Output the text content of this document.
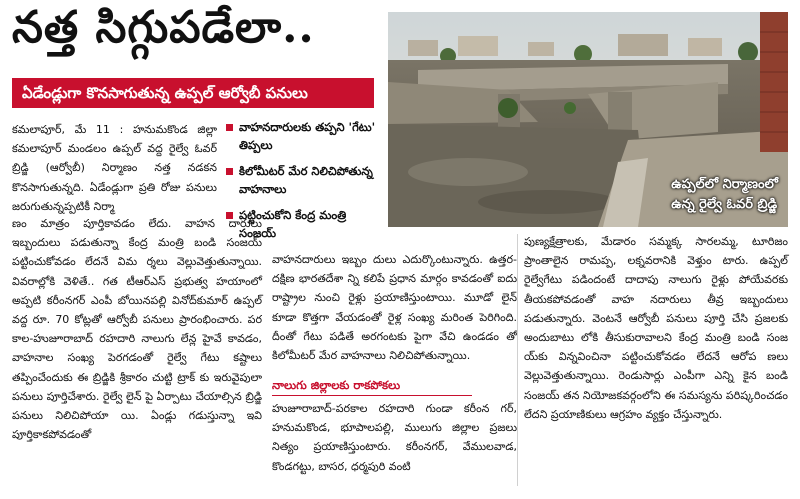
నత్త సిగ్గుపడేలా..
ఏడేండ్లుగా కొనసాగుతున్న ఉప్పల్ ఆర్వోబీ పనులు
ఉప్పల్‌లో నిర్మాణంలో
ఉన్న రైల్వే ఓవర్ బ్రిడ్జి
వాహనదారులకు తప్పని 'గేటు' తిప్పలు
కిలోమీటర్ మేర నిలిచిపోతున్న వాహనాలు
పట్టించుకోని కేంద్ర మంత్రి సంజయ్

కమలాపూర్, మే 11 : హనుమకొండ జిల్లా కమలాపూర్ మండలం ఉప్పల్ వద్ద రైల్వే ఓవర్ బ్రిడ్జి (ఆర్వోబీ) నిర్మాణం నత్త నడకన కొనసాగుతున్నది. ఏడేండ్లుగా ప్రతి రోజు పనులు జరుగుతున్నప్పటికీ నిర్మా

ణం మాత్రం పూర్తికావడం లేదు. వాహన దారులు ఇబ్బందులు పడుతున్నా కేంద్ర మంత్రి బండి సంజయ్ పట్టించుకోవడం లేదనే విమ ర్శలు వెల్లువెత్తుతున్నాయి. వివరాల్లోకి వెళితే.. గత టీఆర్ఎస్ ప్రభుత్వ హయాంలో అప్పటి కరీంనగర్ ఎంపీ బోయినపల్లి వినోద్‌కుమార్ ఉప్పల్ వద్ద రూ. 70 కోట్లతో ఆర్వోబీ పనులు ప్రారంభించారు. పర కాల-హుజూరాబాద్ రహదారి నాలుగు లేన్ల హైవే కావడం, వాహనాల సంఖ్య పెరగడంతో రైల్వే గేటు కష్టాలు తప్పించేందుకు ఈ బ్రిడ్జికి శ్రీకారం చుట్టి ట్రాక్ కు ఇరువైపులా పనులు పూర్తిచేశారు. రైల్వే లైన్ పై ఏర్పాటు చేయాల్సిన బ్రిడ్జి పనులు నిలిచిపోయా యి. ఏండ్లు గడుస్తున్నా ఇవి పూర్తికాకపోవడంతో

వాహనదారులు ఇబ్బం దులు ఎదుర్కొంటున్నారు. ఉత్తర-దక్షిణ భారతదేశా న్ని కలిపే ప్రధాన మార్గం కావడంతో ఐదు రాష్ట్రాల నుంచి రైళ్లు ప్రయాణిస్తుంటాయి. మూడో లైన్ కూడా కొత్తగా వేయడంతో రైళ్ల సంఖ్య మరింత పెరిగింది. దీంతో గేటు పడితే అరగంటకు పైగా వేచి ఉండడం తో కిలోమీటర్ మేర వాహనాలు నిలిచిపోతున్నాయి.

నాలుగు జిల్లాలకు రాకపోకలు

హుజూరాబాద్-పరకాల రహదారి గుండా కరీంన గర్, హనుమకొండ, భూపాలపల్లి, ములుగు జిల్లాల ప్రజలు నిత్యం ప్రయాణిస్తుంటారు. కరీంనగర్, వేములవాడ, కొండగట్టు, బాసర, ధర్మపురి వంటి

పుణ్యక్షేత్రాలకు, మేడారం సమ్మక్క సారలమ్మ, టూరిజం ప్రాంతాలైన రామప్ప, లక్నవరానికి వెళ్తుం టారు. ఉప్పల్ రైల్వేగేటు పడిందంటే దాదాపు నాలుగు రైళ్లు పోయేవరకు తీయకపోవడంతో వాహ నదారులు తీవ్ర ఇబ్బందులు పడుతున్నారు. వెంటనే ఆర్వోబీ పనులు పూర్తి చేసి ప్రజలకు అందుబాటు లోకి తీసుకురావాలని కేంద్ర మంత్రి బండి సంజ య్‌కు విన్నవించినా పట్టించుకోవడం లేదనే ఆరోప ణలు వెల్లువెత్తుతున్నాయి. రెండుసార్లు ఎంపీగా ఎన్ని కైన బండి సంజయ్ తన నియోజకవర్గంలోని ఈ సమస్యను పరిష్కరించడం లేదని ప్రయాణికులు ఆగ్రహం వ్యక్తం చేస్తున్నారు.
